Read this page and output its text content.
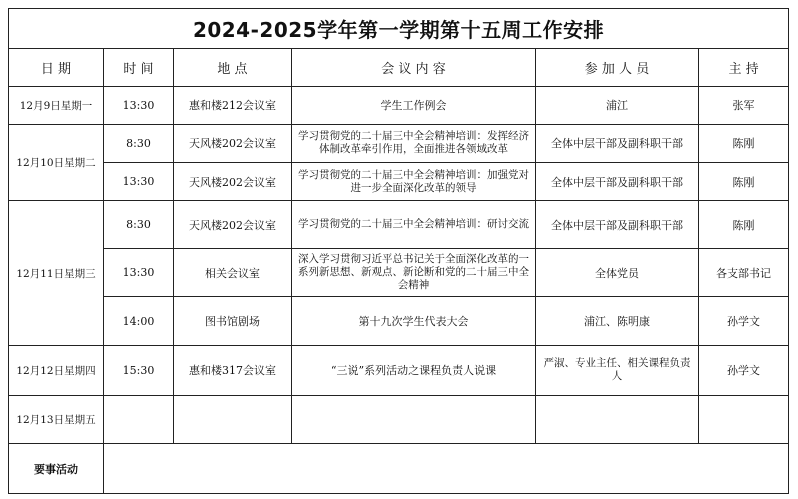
2024-2025学年第一学期第十五周工作安排					
日 期	时 间	地 点	会 议 内 容	参 加 人 员	主 持
12月9日星期一	13:30	惠和楼212会议室	学生工作例会	浦江	张军
12月10日星期二	8:30	天风楼202会议室	学习贯彻党的二十届三中全会精神培训：发挥经济体制改革牵引作用，全面推进各领域改革	全体中层干部及副科职干部	陈刚
	13:30	天风楼202会议室	学习贯彻党的二十届三中全会精神培训：加强党对进一步全面深化改革的领导	全体中层干部及副科职干部	陈刚
12月11日星期三	8:30	天风楼202会议室	学习贯彻党的二十届三中全会精神培训：研讨交流	全体中层干部及副科职干部	陈刚
	13:30	相关会议室	深入学习贯彻习近平总书记关于全面深化改革的一系列新思想、新观点、新论断和党的二十届三中全会精神	全体党员	各支部书记
	14:00	图书馆剧场	第十九次学生代表大会	浦江、陈明康	孙学文
12月12日星期四	15:30	惠和楼317会议室	“三说”系列活动之课程负责人说课	严淑、专业主任、相关课程负责人	孙学文
12月13日星期五					
要事活动					
